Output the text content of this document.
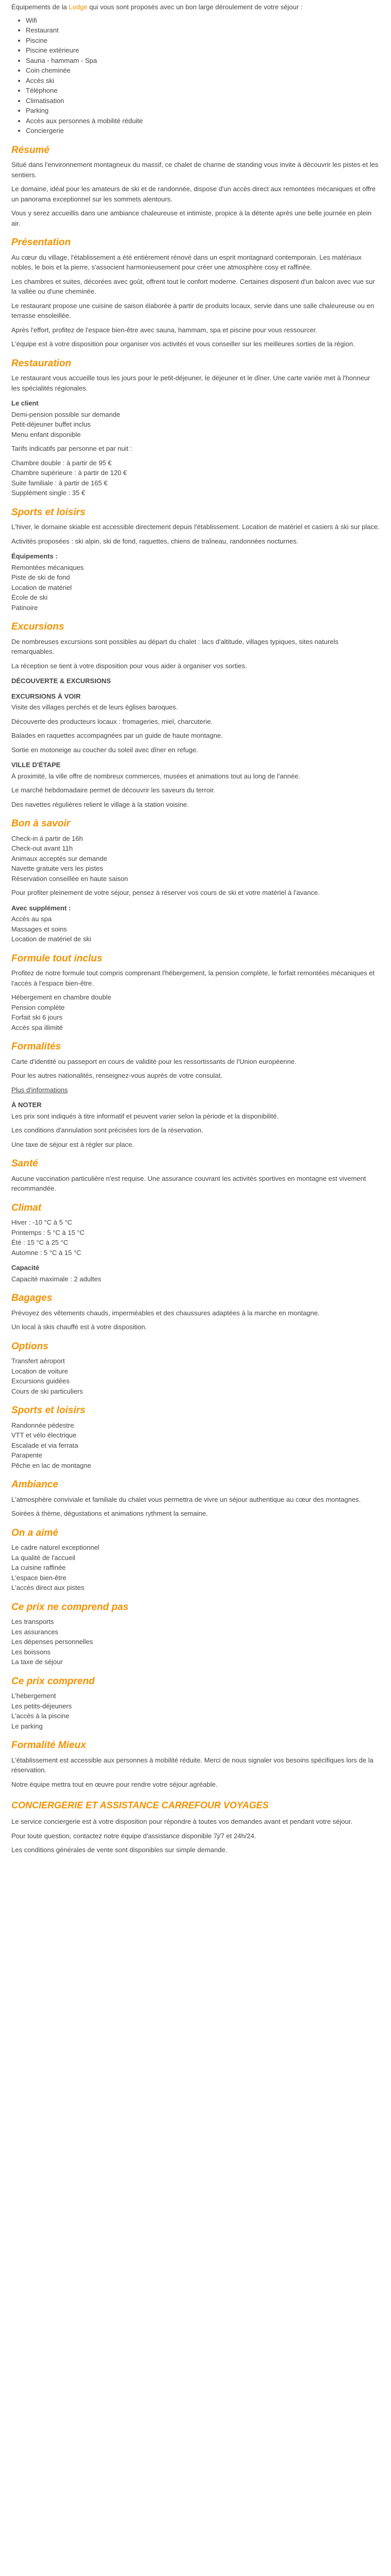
Équipements de la Lodge qui vous sont proposés avec un bon large déroulement de votre séjour :

• Wifi
• Restaurant
• Piscine
• Piscine extérieure
• Sauna - hammam - Spa
• Coin cheminée
• Accès ski
• Téléphone
• Climatisation
• Parking
• Accès aux personnes à mobilité réduite
• Conciergerie
Résumé

Situé dans l'environnement montagneux du massif, ce chalet de charme de standing vous invite à découvrir les pistes et les sentiers.

Le domaine, idéal pour les amateurs de ski et de randonnée, dispose d'un accès direct aux remontées mécaniques et offre un panorama exceptionnel sur les sommets alentours.

Vous y serez accueillis dans une ambiance chaleureuse et intimiste, propice à la détente après une belle journée en plein air.

Présentation

Au cœur du village, l'établissement a été entièrement rénové dans un esprit montagnard contemporain. Les matériaux nobles, le bois et la pierre, s'associent harmonieusement pour créer une atmosphère cosy et raffinée.

Les chambres et suites, décorées avec goût, offrent tout le confort moderne. Certaines disposent d'un balcon avec vue sur la vallée ou d'une cheminée.

Le restaurant propose une cuisine de saison élaborée à partir de produits locaux, servie dans une salle chaleureuse ou en terrasse ensoleillée.

Après l'effort, profitez de l'espace bien-être avec sauna, hammam, spa et piscine pour vous ressourcer.

L'équipe est à votre disposition pour organiser vos activités et vous conseiller sur les meilleures sorties de la région.

Restauration

Le restaurant vous accueille tous les jours pour le petit-déjeuner, le déjeuner et le dîner. Une carte variée met à l'honneur les spécialités régionales.

Le client
Demi-pension possible sur demande
Petit-déjeuner buffet inclus
Menu enfant disponible

Tarifs indicatifs par personne et par nuit :

Chambre double : à partir de 95 €
Chambre supérieure : à partir de 120 €
Suite familiale : à partir de 165 €
Supplément single : 35 €
Sports et loisirs

L'hiver, le domaine skiable est accessible directement depuis l'établissement. Location de matériel et casiers à ski sur place.

Activités proposées : ski alpin, ski de fond, raquettes, chiens de traîneau, randonnées nocturnes.

Équipements :
Remontées mécaniques
Piste de ski de fond
Location de matériel
École de ski
Patinoire
Excursions

De nombreuses excursions sont possibles au départ du chalet : lacs d'altitude, villages typiques, sites naturels remarquables.

La réception se tient à votre disposition pour vous aider à organiser vos sorties.

DÉCOUVERTE & EXCURSIONS
EXCURSIONS À VOIR

Visite des villages perchés et de leurs églises baroques.

Découverte des producteurs locaux : fromageries, miel, charcuterie.

Balades en raquettes accompagnées par un guide de haute montagne.

Sortie en motoneige au coucher du soleil avec dîner en refuge.

VILLE D'ÉTAPE

À proximité, la ville offre de nombreux commerces, musées et animations tout au long de l'année.

Le marché hebdomadaire permet de découvrir les saveurs du terroir.

Des navettes régulières relient le village à la station voisine.

Bon à savoir
Check-in à partir de 16h
Check-out avant 11h
Animaux acceptés sur demande
Navette gratuite vers les pistes
Réservation conseillée en haute saison

Pour profiter pleinement de votre séjour, pensez à réserver vos cours de ski et votre matériel à l'avance.

Avec supplément :
Accès au spa
Massages et soins
Location de matériel de ski
Formule tout inclus

Profitez de notre formule tout compris comprenant l'hébergement, la pension complète, le forfait remontées mécaniques et l'accès à l'espace bien-être.

Hébergement en chambre double
Pension complète
Forfait ski 6 jours
Accès spa illimité
Formalités

Carte d'identité ou passeport en cours de validité pour les ressortissants de l'Union européenne.

Pour les autres nationalités, renseignez-vous auprès de votre consulat.

Plus d'informations

À NOTER

Les prix sont indiqués à titre informatif et peuvent varier selon la période et la disponibilité.

Les conditions d'annulation sont précisées lors de la réservation.

Une taxe de séjour est à régler sur place.

Santé

Aucune vaccination particulière n'est requise. Une assurance couvrant les activités sportives en montagne est vivement recommandée.

Climat
Hiver : -10 °C à 5 °C
Printemps : 5 °C à 15 °C
Été : 15 °C à 25 °C
Automne : 5 °C à 15 °C
Capacité
Capacité maximale : 2 adultes
Bagages

Prévoyez des vêtements chauds, imperméables et des chaussures adaptées à la marche en montagne.

Un local à skis chauffé est à votre disposition.

Options
Transfert aéroport
Location de voiture
Excursions guidées
Cours de ski particuliers
Sports et loisirs
Randonnée pédestre
VTT et vélo électrique
Escalade et via ferrata
Parapente
Pêche en lac de montagne
Ambiance

L'atmosphère conviviale et familiale du chalet vous permettra de vivre un séjour authentique au cœur des montagnes.

Soirées à thème, dégustations et animations rythment la semaine.

On a aimé
Le cadre naturel exceptionnel
La qualité de l'accueil
La cuisine raffinée
L'espace bien-être
L'accès direct aux pistes
Ce prix ne comprend pas
Les transports
Les assurances
Les dépenses personnelles
Les boissons
La taxe de séjour
Ce prix comprend
L'hébergement
Les petits-déjeuners
L'accès à la piscine
Le parking
Formalité Mieux

L'établissement est accessible aux personnes à mobilité réduite. Merci de nous signaler vos besoins spécifiques lors de la réservation.

Notre équipe mettra tout en œuvre pour rendre votre séjour agréable.

CONCIERGERIE ET ASSISTANCE CARREFOUR VOYAGES

Le service conciergerie est à votre disposition pour répondre à toutes vos demandes avant et pendant votre séjour.

Pour toute question, contactez notre équipe d'assistance disponible 7j/7 et 24h/24.

Les conditions générales de vente sont disponibles sur simple demande.
